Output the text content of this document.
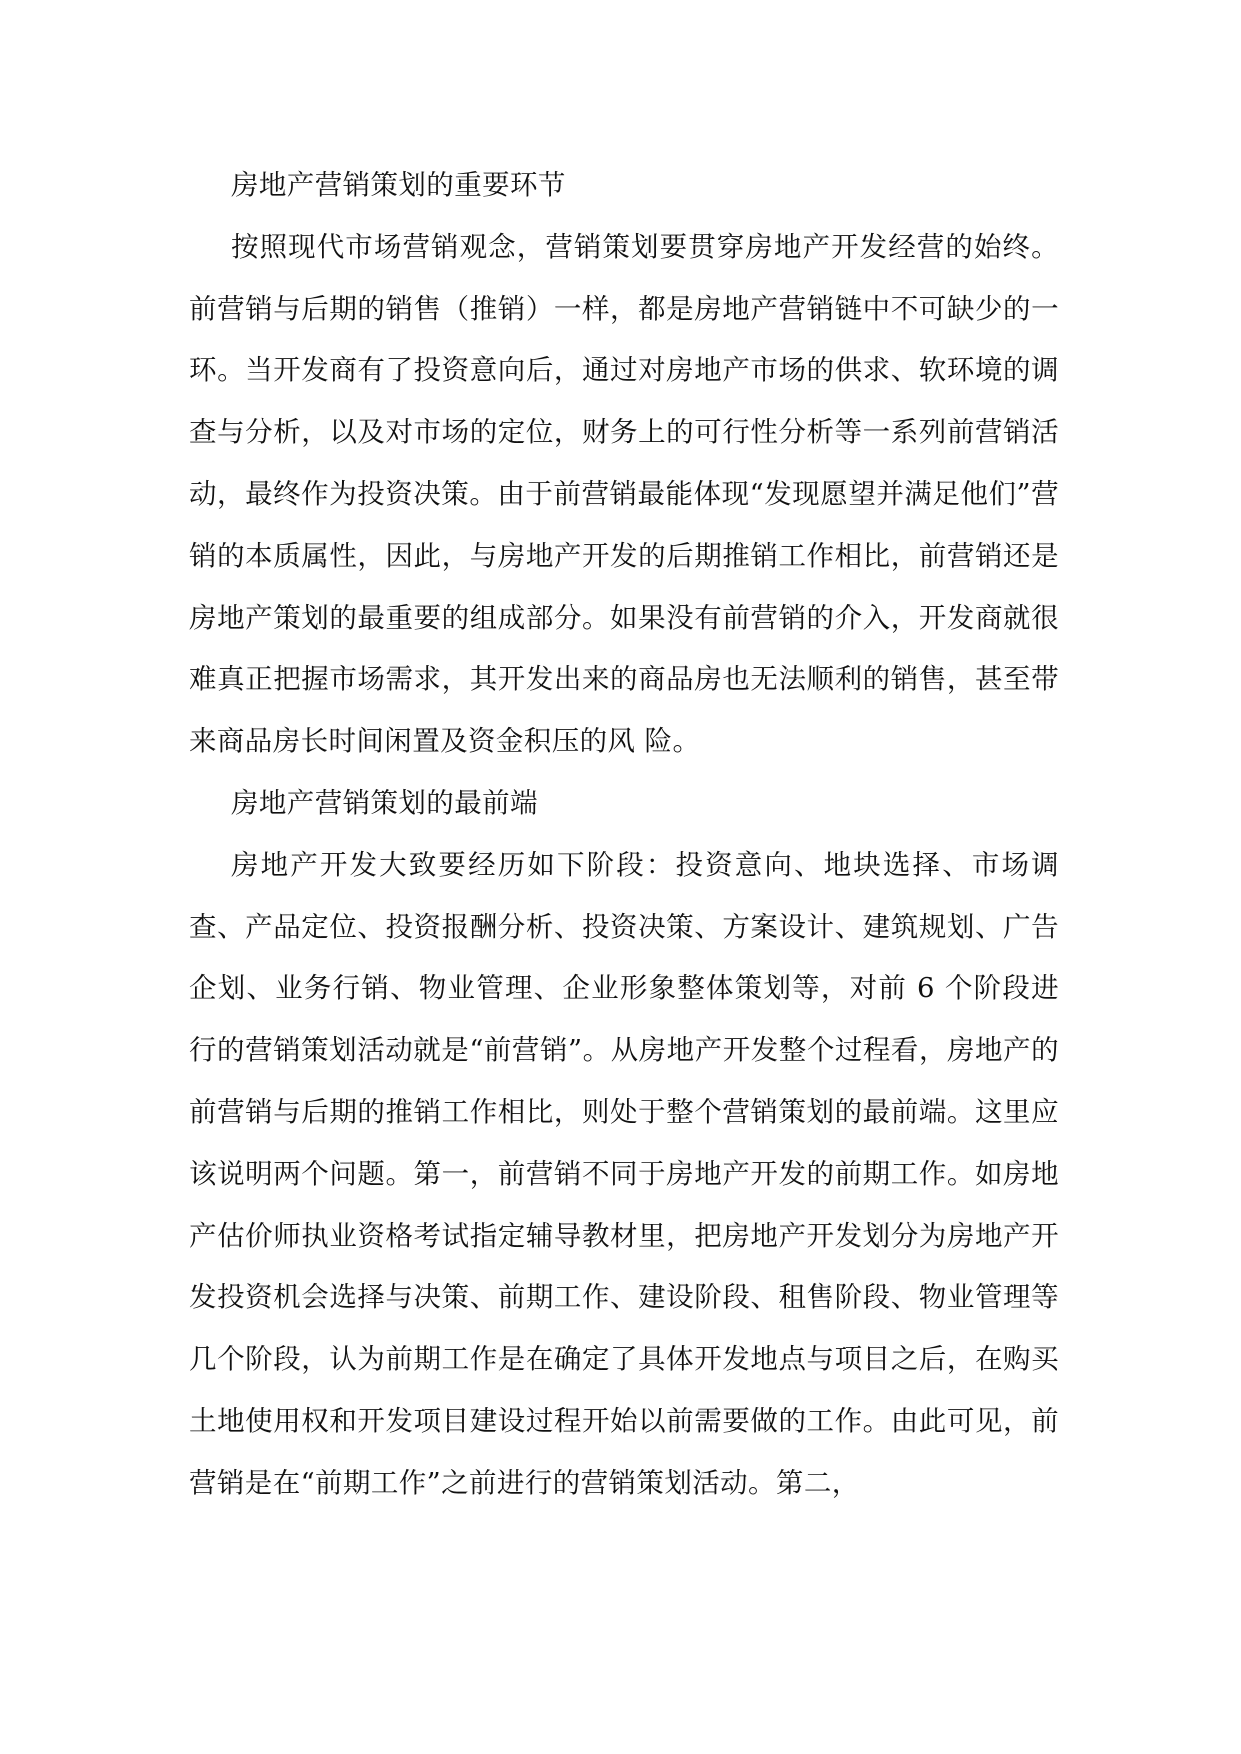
房地产营销策划的重要环节

按照现代市场营销观念，营销策划要贯穿房地产开发经营的始终。前营销与后期的销售（推销）一样，都是房地产营销链中不可缺少的一环。当开发商有了投资意向后，通过对房地产市场的供求、软环境的调查与分析，以及对市场的定位，财务上的可行性分析等一系列前营销活动，最终作为投资决策。由于前营销最能体现“发现愿望并满足他们”营销的本质属性，因此，与房地产开发的后期推销工作相比，前营销还是房地产策划的最重要的组成部分。如果没有前营销的介入，开发商就很难真正把握市场需求，其开发出来的商品房也无法顺利的销售，甚至带来商品房长时间闲置及资金积压的风 险。

房地产营销策划的最前端

房地产开发大致要经历如下阶段：投资意向、地块选择、市场调查、产品定位、投资报酬分析、投资决策、方案设计、建筑规划、广告企划、业务行销、物业管理、企业形象整体策划等，对前 6 个阶段进行的营销策划活动就是“前营销”。从房地产开发整个过程看，房地产的前营销与后期的推销工作相比，则处于整个营销策划的最前端。这里应该说明两个问题。第一，前营销不同于房地产开发的前期工作。如房地产估价师执业资格考试指定辅导教材里，把房地产开发划分为房地产开发投资机会选择与决策、前期工作、建设阶段、租售阶段、物业管理等几个阶段，认为前期工作是在确定了具体开发地点与项目之后，在购买土地使用权和开发项目建设过程开始以前需要做的工作。由此可见，前营销是在“前期工作”之前进行的营销策划活动。第二，
